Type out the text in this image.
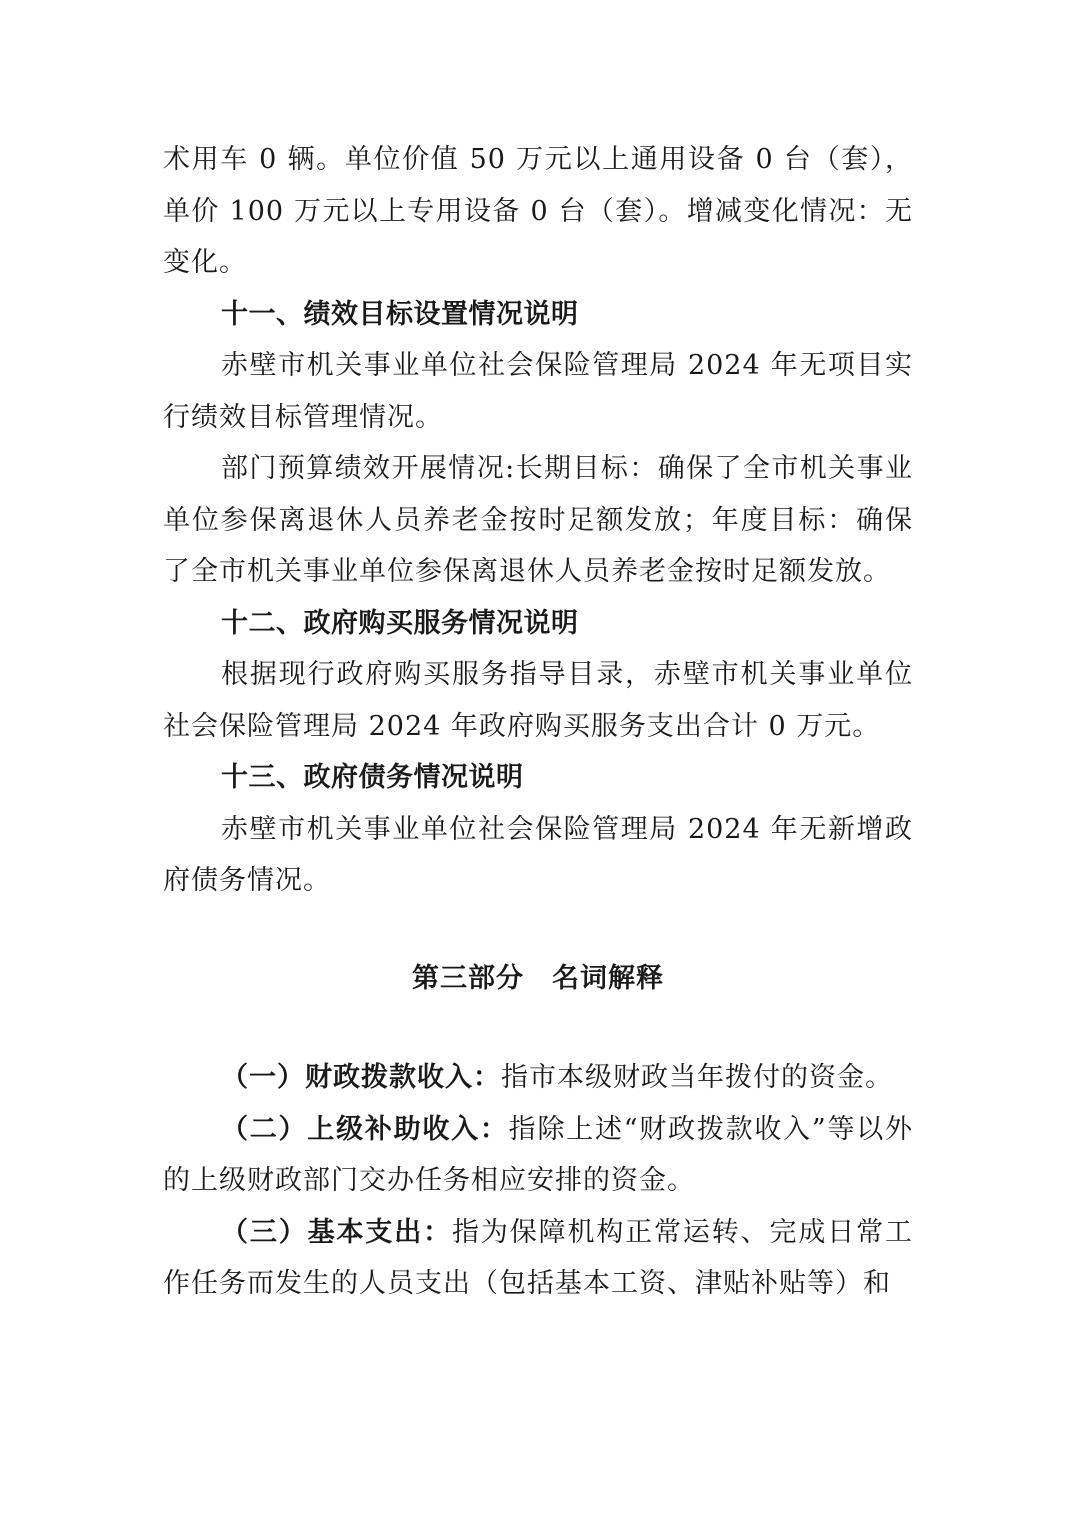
术用车 0 辆。单位价值 50 万元以上通用设备 0 台（套），单价 100 万元以上专用设备 0 台（套）。增减变化情况：无变化。

十一、绩效目标设置情况说明

赤壁市机关事业单位社会保险管理局 2024 年无项目实行绩效目标管理情况。

部门预算绩效开展情况:长期目标：确保了全市机关事业单位参保离退休人员养老金按时足额发放；年度目标：确保了全市机关事业单位参保离退休人员养老金按时足额发放。

十二、政府购买服务情况说明

根据现行政府购买服务指导目录，赤壁市机关事业单位社会保险管理局 2024 年政府购买服务支出合计 0 万元。

十三、政府债务情况说明

赤壁市机关事业单位社会保险管理局 2024 年无新增政府债务情况。

第三部分　名词解释

（一）财政拨款收入：指市本级财政当年拨付的资金。

（二）上级补助收入：指除上述“财政拨款收入”等以外的上级财政部门交办任务相应安排的资金。

（三）基本支出：指为保障机构正常运转、完成日常工作任务而发生的人员支出（包括基本工资、津贴补贴等）和
